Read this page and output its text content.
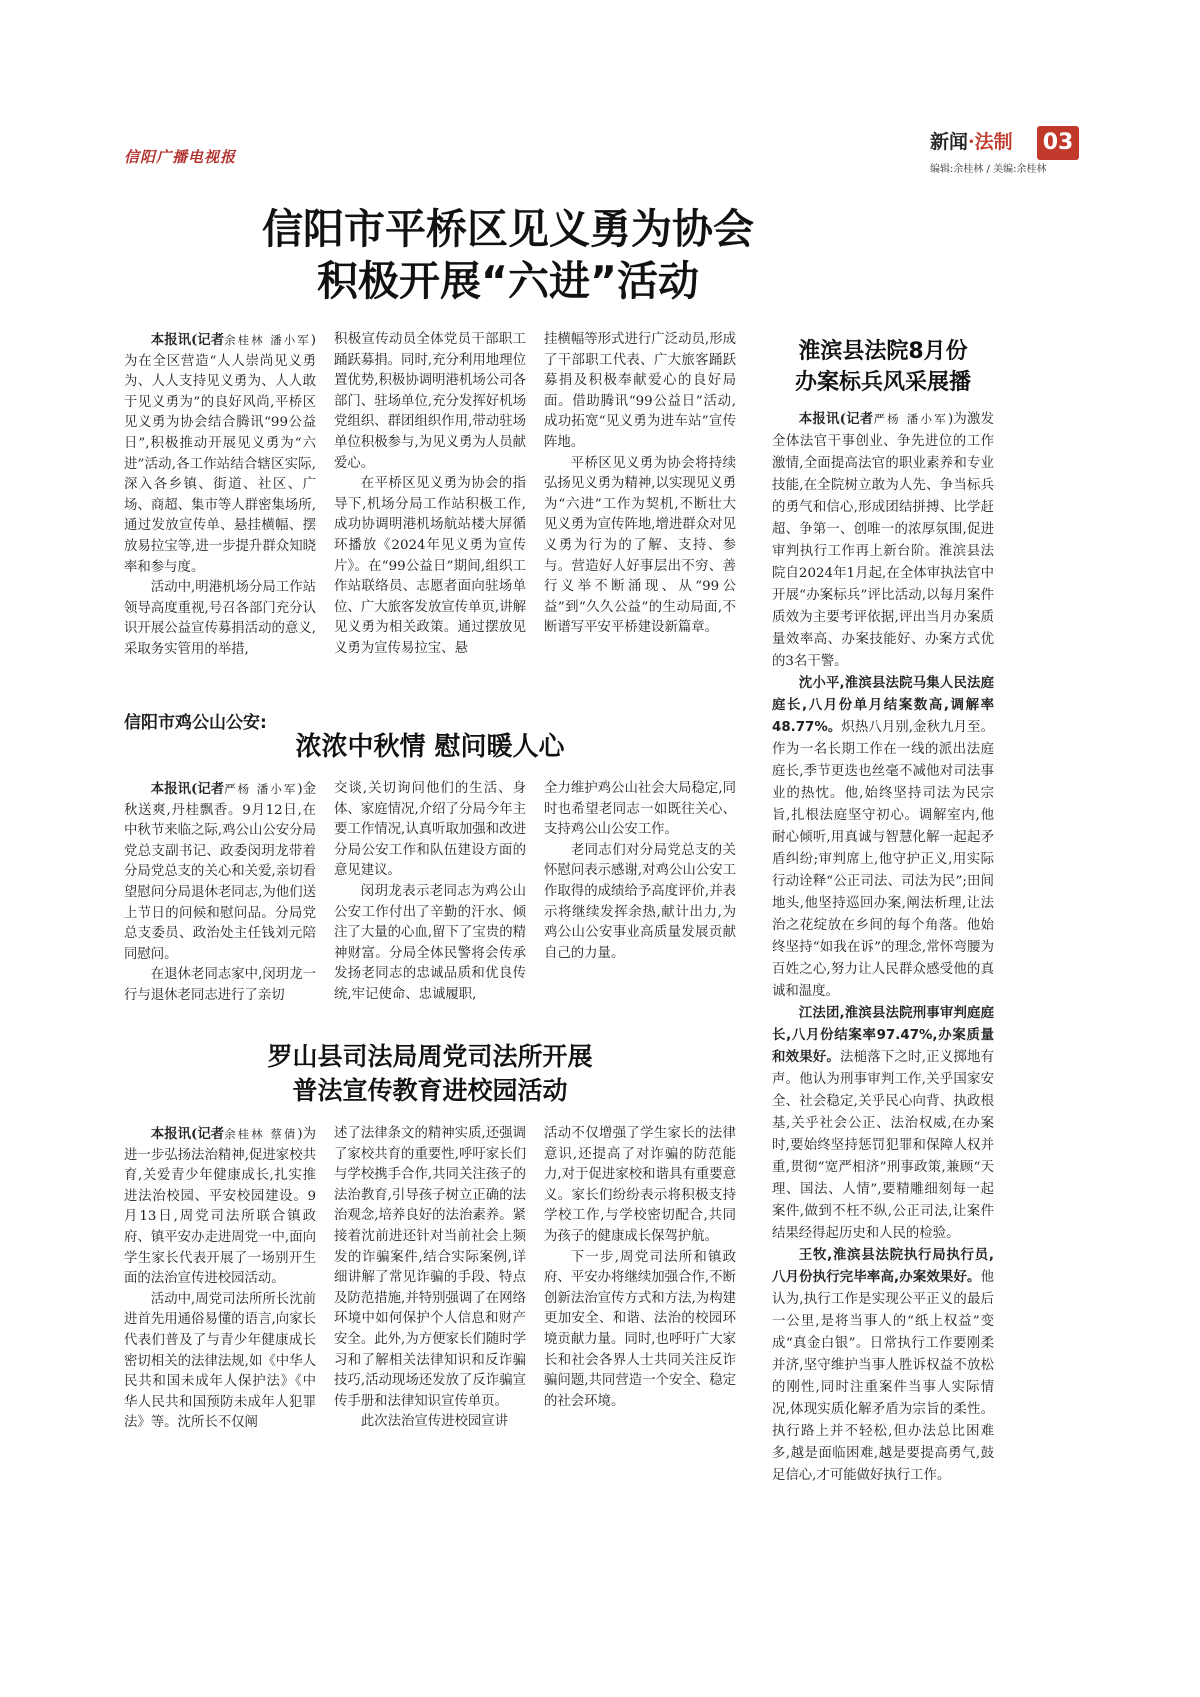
信阳广播电视报
新闻·法制 03
编辑:余桂林 / 美编:余桂林
信阳市平桥区见义勇为协会
积极开展“六进”活动

本报讯(记者余桂林 潘小军)为在全区营造“人人崇尚见义勇为、人人支持见义勇为、人人敢于见义勇为”的良好风尚,平桥区见义勇为协会结合腾讯“99公益日”,积极推动开展见义勇为“六进”活动,各工作站结合辖区实际,深入各乡镇、街道、社区、广场、商超、集市等人群密集场所,通过发放宣传单、悬挂横幅、摆放易拉宝等,进一步提升群众知晓率和参与度。

活动中,明港机场分局工作站领导高度重视,号召各部门充分认识开展公益宣传募捐活动的意义,采取务实管用的举措,

积极宣传动员全体党员干部职工踊跃募捐。同时,充分利用地理位置优势,积极协调明港机场公司各部门、驻场单位,充分发挥好机场党组织、群团组织作用,带动驻场单位积极参与,为见义勇为人员献爱心。

在平桥区见义勇为协会的指导下,机场分局工作站积极工作,成功协调明港机场航站楼大屏循环播放《2024年见义勇为宣传片》。在“99公益日”期间,组织工作站联络员、志愿者面向驻场单位、广大旅客发放宣传单页,讲解见义勇为相关政策。通过摆放见义勇为宣传易拉宝、悬

挂横幅等形式进行广泛动员,形成了干部职工代表、广大旅客踊跃募捐及积极奉献爱心的良好局面。借助腾讯“99公益日”活动,成功拓宽“见义勇为进车站”宣传阵地。

平桥区见义勇为协会将持续弘扬见义勇为精神,以实现见义勇为“六进”工作为契机,不断壮大见义勇为宣传阵地,增进群众对见义勇为行为的了解、支持、参与。营造好人好事层出不穷、善行义举不断涌现、从“99公益”到“久久公益”的生动局面,不断谱写平安平桥建设新篇章。

信阳市鸡公山公安:
浓浓中秋情 慰问暖人心

本报讯(记者严杨 潘小军)金秋送爽,丹桂飘香。9月12日,在中秋节来临之际,鸡公山公安分局党总支副书记、政委闵玥龙带着分局党总支的关心和关爱,亲切看望慰问分局退休老同志,为他们送上节日的问候和慰问品。分局党总支委员、政治处主任钱刘元陪同慰问。

在退休老同志家中,闵玥龙一行与退休老同志进行了亲切

交谈,关切询问他们的生活、身体、家庭情况,介绍了分局今年主要工作情况,认真听取加强和改进分局公安工作和队伍建设方面的意见建议。

闵玥龙表示老同志为鸡公山公安工作付出了辛勤的汗水、倾注了大量的心血,留下了宝贵的精神财富。分局全体民警将会传承发扬老同志的忠诚品质和优良传统,牢记使命、忠诚履职,

全力维护鸡公山社会大局稳定,同时也希望老同志一如既往关心、支持鸡公山公安工作。

老同志们对分局党总支的关怀慰问表示感谢,对鸡公山公安工作取得的成绩给予高度评价,并表示将继续发挥余热,献计出力,为鸡公山公安事业高质量发展贡献自己的力量。

罗山县司法局周党司法所开展
普法宣传教育进校园活动

本报讯(记者余桂林 蔡倩)为进一步弘扬法治精神,促进家校共育,关爱青少年健康成长,扎实推进法治校园、平安校园建设。9月13日,周党司法所联合镇政府、镇平安办走进周党一中,面向学生家长代表开展了一场别开生面的法治宣传进校园活动。

活动中,周党司法所所长沈前进首先用通俗易懂的语言,向家长代表们普及了与青少年健康成长密切相关的法律法规,如《中华人民共和国未成年人保护法》《中华人民共和国预防未成年人犯罪法》等。沈所长不仅阐

述了法律条文的精神实质,还强调了家校共育的重要性,呼吁家长们与学校携手合作,共同关注孩子的法治教育,引导孩子树立正确的法治观念,培养良好的法治素养。紧接着沈前进还针对当前社会上频发的诈骗案件,结合实际案例,详细讲解了常见诈骗的手段、特点及防范措施,并特别强调了在网络环境中如何保护个人信息和财产安全。此外,为方便家长们随时学习和了解相关法律知识和反诈骗技巧,活动现场还发放了反诈骗宣传手册和法律知识宣传单页。

此次法治宣传进校园宣讲

活动不仅增强了学生家长的法律意识,还提高了对诈骗的防范能力,对于促进家校和谐具有重要意义。家长们纷纷表示将积极支持学校工作,与学校密切配合,共同为孩子的健康成长保驾护航。

下一步,周党司法所和镇政府、平安办将继续加强合作,不断创新法治宣传方式和方法,为构建更加安全、和谐、法治的校园环境贡献力量。同时,也呼吁广大家长和社会各界人士共同关注反诈骗问题,共同营造一个安全、稳定的社会环境。

淮滨县法院8月份
办案标兵风采展播

本报讯(记者严杨 潘小军)为激发全体法官干事创业、争先进位的工作激情,全面提高法官的职业素养和专业技能,在全院树立敢为人先、争当标兵的勇气和信心,形成团结拼搏、比学赶超、争第一、创唯一的浓厚氛围,促进审判执行工作再上新台阶。淮滨县法院自2024年1月起,在全体审执法官中开展“办案标兵”评比活动,以每月案件质效为主要考评依据,评出当月办案质量效率高、办案技能好、办案方式优的3名干警。

沈小平,淮滨县法院马集人民法庭庭长,八月份单月结案数高,调解率48.77%。炽热八月别,金秋九月至。作为一名长期工作在一线的派出法庭庭长,季节更迭也丝毫不减他对司法事业的热忱。他,始终坚持司法为民宗旨,扎根法庭坚守初心。调解室内,他耐心倾听,用真诚与智慧化解一起起矛盾纠纷;审判席上,他守护正义,用实际行动诠释“公正司法、司法为民”;田间地头,他坚持巡回办案,阐法析理,让法治之花绽放在乡间的每个角落。他始终坚持“如我在诉”的理念,常怀弯腰为百姓之心,努力让人民群众感受他的真诚和温度。

江法团,淮滨县法院刑事审判庭庭长,八月份结案率97.47%,办案质量和效果好。法槌落下之时,正义掷地有声。他认为刑事审判工作,关乎国家安全、社会稳定,关乎民心向背、执政根基,关乎社会公正、法治权威,在办案时,要始终坚持惩罚犯罪和保障人权并重,贯彻“宽严相济”刑事政策,兼顾“天理、国法、人情”,要精雕细刻每一起案件,做到不枉不纵,公正司法,让案件结果经得起历史和人民的检验。

王牧,淮滨县法院执行局执行员,八月份执行完毕率高,办案效果好。他认为,执行工作是实现公平正义的最后一公里,是将当事人的“纸上权益”变成“真金白银”。日常执行工作要刚柔并济,坚守维护当事人胜诉权益不放松的刚性,同时注重案件当事人实际情况,体现实质化解矛盾为宗旨的柔性。执行路上并不轻松,但办法总比困难多,越是面临困难,越是要提高勇气,鼓足信心,才可能做好执行工作。
